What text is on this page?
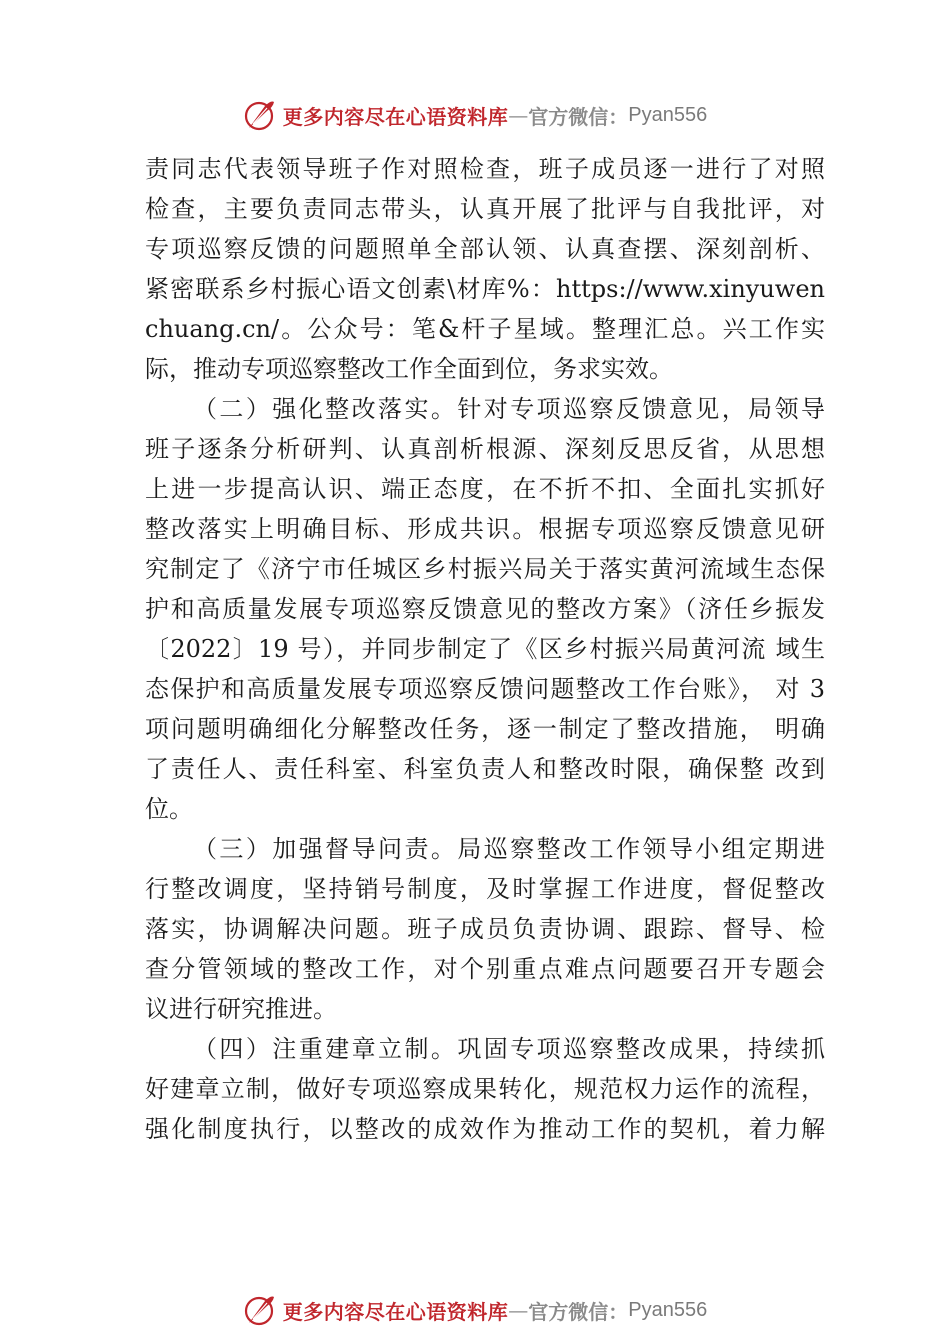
更多内容尽在心语资料库 — 官方微信： Pyan556
责同志代表领导班子作对照检查，班子成员逐一进行了对照
检查，主要负责同志带头，认真开展了批评与自我批评，对
专项巡察反馈的问题照单全部认领、认真查摆、深刻剖析、
紧密联系乡村振心语文创素\材库%：https://www.xinyuwen
chuang.cn/。公众号：笔&杆子星域。整理汇总。兴工作实
际，推动专项巡察整改工作全面到位，务求实效。
（二）强化整改落实。针对专项巡察反馈意见，局领导
班子逐条分析研判、认真剖析根源、深刻反思反省，从思想
上进一步提高认识、端正态度，在不折不扣、全面扎实抓好
整改落实上明确目标、形成共识。根据专项巡察反馈意见研
究制定了《济宁市任城区乡村振兴局关于落实黄河流域生态保
护和高质量发展专项巡察反馈意见的整改方案》（济任乡振发
〔2022〕19 号），并同步制定了《区乡村振兴局黄河流 域生
态保护和高质量发展专项巡察反馈问题整改工作台账》， 对 3
项问题明确细化分解整改任务，逐一制定了整改措施， 明确
了责任人、责任科室、科室负责人和整改时限，确保整 改到
位。
（三）加强督导问责。局巡察整改工作领导小组定期进
行整改调度，坚持销号制度，及时掌握工作进度，督促整改
落实，协调解决问题。班子成员负责协调、跟踪、督导、检
查分管领域的整改工作，对个别重点难点问题要召开专题会
议进行研究推进。
（四）注重建章立制。巩固专项巡察整改成果，持续抓
好建章立制，做好专项巡察成果转化，规范权力运作的流程，
强化制度执行，以整改的成效作为推动工作的契机，着力解
更多内容尽在心语资料库 — 官方微信： Pyan556
